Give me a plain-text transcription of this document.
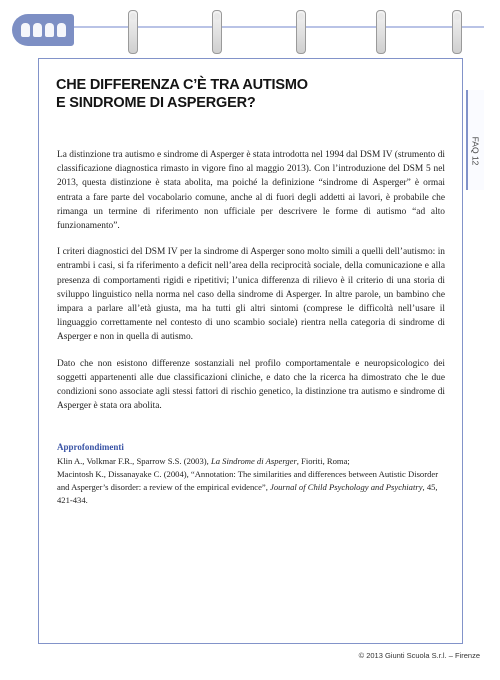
FAQ 12
CHE DIFFERENZA C’È TRA AUTISMO
E SINDROME DI ASPERGER?

La distinzione tra autismo e sindrome di Asperger è stata introdotta nel 1994 dal DSM IV (strumento di classificazione diagnostica rimasto in vigore fino al maggio 2013). Con l’introduzione del DSM 5 nel 2013, questa distinzione è stata abolita, ma poiché la definizione “sindrome di Asperger” è ormai entrata a fare parte del vocabolario comune, anche al di fuori degli addetti ai lavori, è probabile che rimanga un termine di riferimento non ufficiale per descrivere le forme di autismo “ad alto funzionamento”.

I criteri diagnostici del DSM IV per la sindrome di Asperger sono molto simili a quelli dell’autismo: in entrambi i casi, si fa riferimento a deficit nell’area della reciprocità sociale, della comunicazione e alla presenza di comportamenti rigidi e ripetitivi; l’unica differenza di rilievo è il criterio di una storia di sviluppo linguistico nella norma nel caso della sindrome di Asperger. In altre parole, un bambino che impara a parlare all’età giusta, ma ha tutti gli altri sintomi (comprese le difficoltà nell’usare il linguaggio correttamente nel contesto di uno scambio sociale) rientra nella categoria di sindrome di Asperger e non in quella di autismo.

Dato che non esistono differenze sostanziali nel profilo comportamentale e neuropsicologico dei soggetti appartenenti alle due classificazioni cliniche, e dato che la ricerca ha dimostrato che le due condizioni sono associate agli stessi fattori di rischio genetico, la distinzione tra autismo e sindrome di Asperger è stata ora abolita.

Approfondimenti

Klin A., Volkmar F.R., Sparrow S.S. (2003), La Sindrome di Asperger, Fioriti, Roma;

Macintosh K., Dissanayake C. (2004), “Annotation: The similarities and differences between Autistic Disorder and Asperger’s disorder: a review of the empirical evidence”, Journal of Child Psychology and Psychiatry, 45, 421-434.

© 2013 Giunti Scuola S.r.l. – Firenze
